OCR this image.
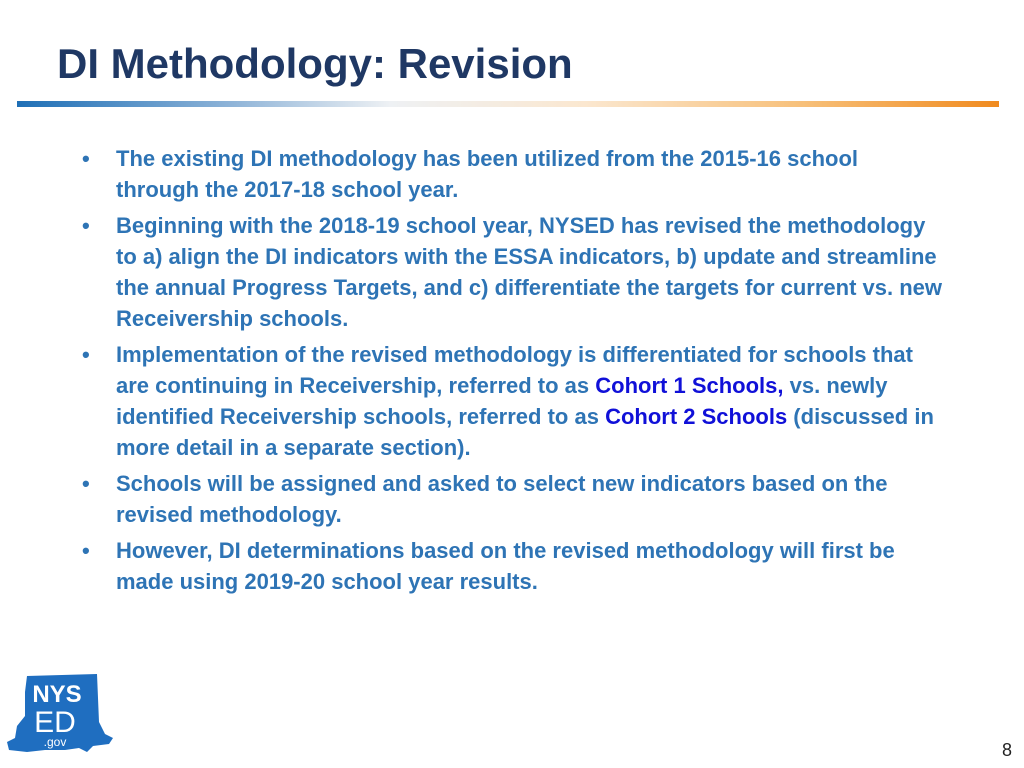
DI Methodology: Revision
• The existing DI methodology has been utilized from the 2015-16 school through the 2017-18 school year.
• Beginning with the 2018-19 school year, NYSED has revised the methodology to a) align the DI indicators with the ESSA indicators, b) update and streamline the annual Progress Targets, and c) differentiate the targets for current vs. new Receivership schools.
• Implementation of the revised methodology is differentiated for schools that are continuing in Receivership, referred to as Cohort 1 Schools, vs. newly identified Receivership schools, referred to as Cohort 2 Schools (discussed in more detail in a separate section).
• Schools will be assigned and asked to select new indicators based on the revised methodology.
• However, DI determinations based on the revised methodology will first be made using 2019-20 school year results.
NYS
ED
.gov	8
